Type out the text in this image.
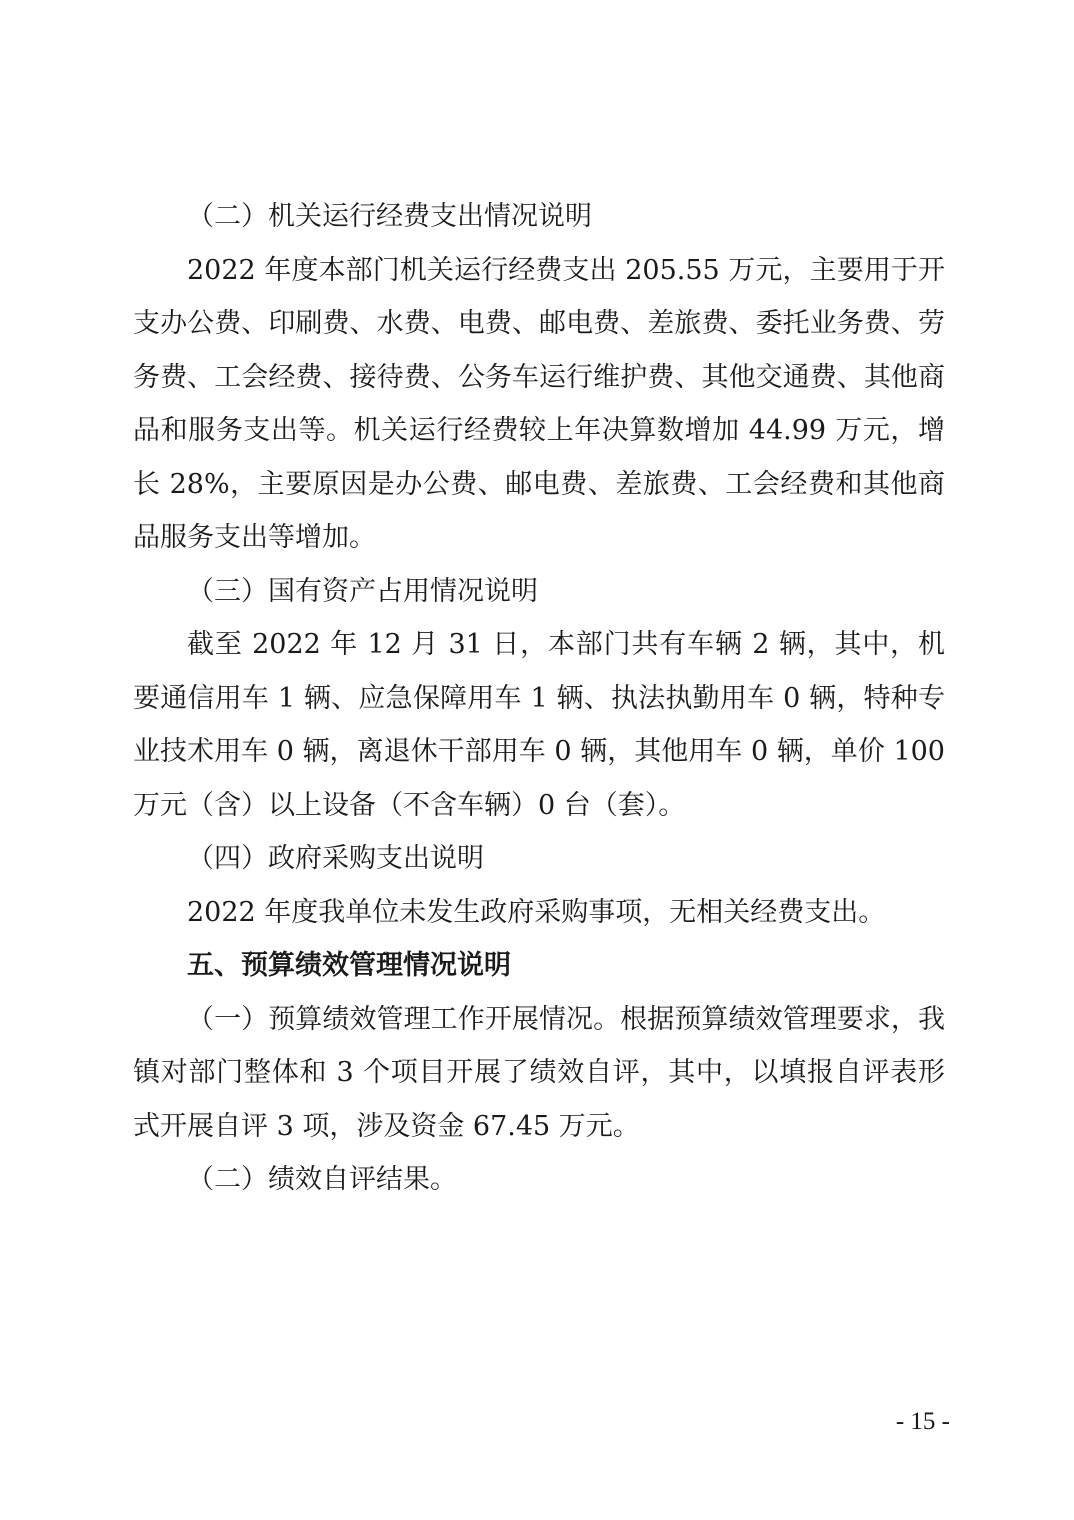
（二）机关运行经费支出情况说明

2022 年度本部门机关运行经费支出 205.55 万元，主要用于开支办公费、印刷费、水费、电费、邮电费、差旅费、委托业务费、劳务费、工会经费、接待费、公务车运行维护费、其他交通费、其他商品和服务支出等。机关运行经费较上年决算数增加 44.99 万元，增长 28%，主要原因是办公费、邮电费、差旅费、工会经费和其他商品服务支出等增加。

（三）国有资产占用情况说明

截至 2022 年 12 月 31 日，本部门共有车辆 2 辆，其中，机要通信用车 1 辆、应急保障用车 1 辆、执法执勤用车 0 辆，特种专业技术用车 0 辆，离退休干部用车 0 辆，其他用车 0 辆，单价 100 万元（含）以上设备（不含车辆）0 台（套）。

（四）政府采购支出说明

2022 年度我单位未发生政府采购事项，无相关经费支出。

五、预算绩效管理情况说明

（一）预算绩效管理工作开展情况。根据预算绩效管理要求，我镇对部门整体和 3 个项目开展了绩效自评，其中，以填报自评表形式开展自评 3 项，涉及资金 67.45 万元。

（二）绩效自评结果。

- 15 -
